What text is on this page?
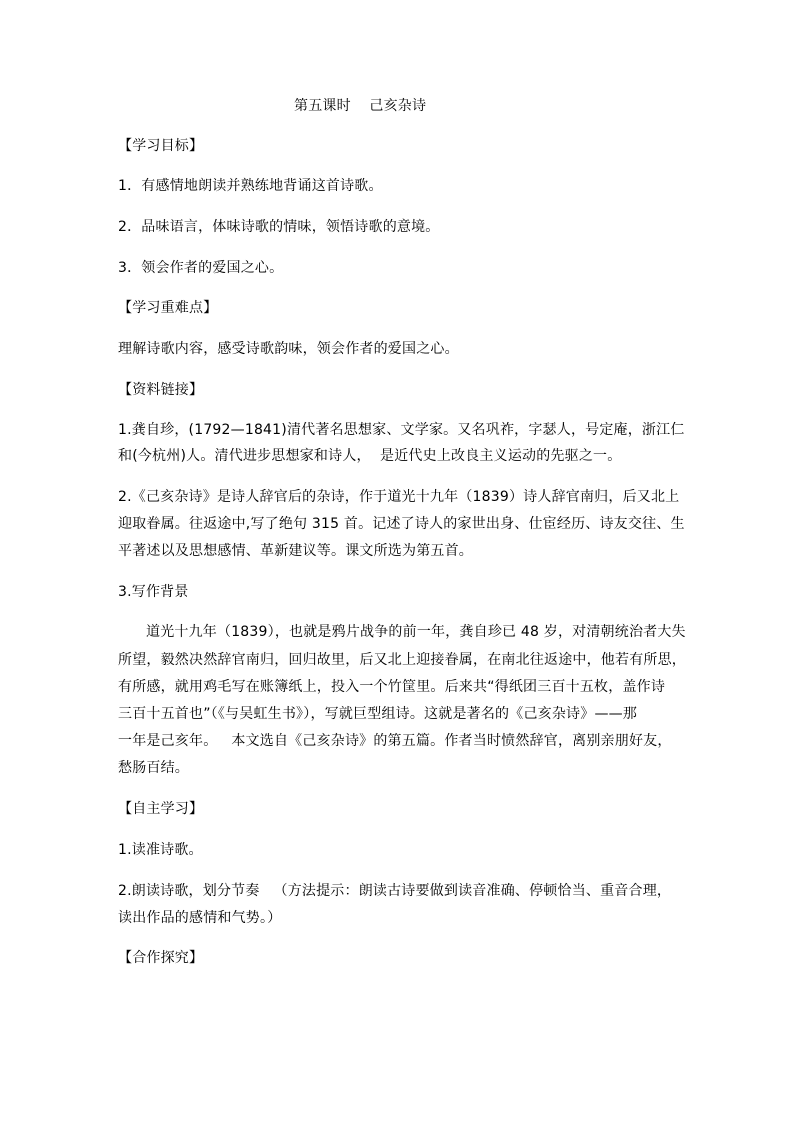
第五课时    己亥杂诗
【学习目标】
1．有感情地朗读并熟练地背诵这首诗歌。
2．品味语言，体味诗歌的情味，领悟诗歌的意境。
3．领会作者的爱国之心。
【学习重难点】
理解诗歌内容，感受诗歌韵味，领会作者的爱国之心。
【资料链接】
1.龚自珍，(1792—1841)清代著名思想家、文学家。又名巩祚，字瑟人，号定庵，浙江仁
和(今杭州)人。清代进步思想家和诗人，  是近代史上改良主义运动的先驱之一。
2.《己亥杂诗》是诗人辞官后的杂诗，作于道光十九年（1839）诗人辞官南归，后又北上
迎取眷属。往返途中,写了绝句 315 首。记述了诗人的家世出身、仕宦经历、诗友交往、生
平著述以及思想感情、革新建议等。课文所选为第五首。
3.写作背景
道光十九年（1839），也就是鸦片战争的前一年，龚自珍已 48 岁，对清朝统治者大失
所望，毅然决然辞官南归，回归故里，后又北上迎接眷属，在南北往返途中，他若有所思，
有所感，就用鸡毛写在账簿纸上，投入一个竹筐里。后来共“得纸团三百十五枚，盖作诗
三百十五首也”（《与吴虹生书》），写就巨型组诗。这就是著名的《己亥杂诗》——那
一年是己亥年。   本文选自《己亥杂诗》的第五篇。作者当时愤然辞官，离别亲朋好友，
愁肠百结。
【自主学习】
1.读准诗歌。
2.朗读诗歌，划分节奏   （方法提示：朗读古诗要做到读音准确、停顿恰当、重音合理，
读出作品的感情和气势。）
【合作探究】
